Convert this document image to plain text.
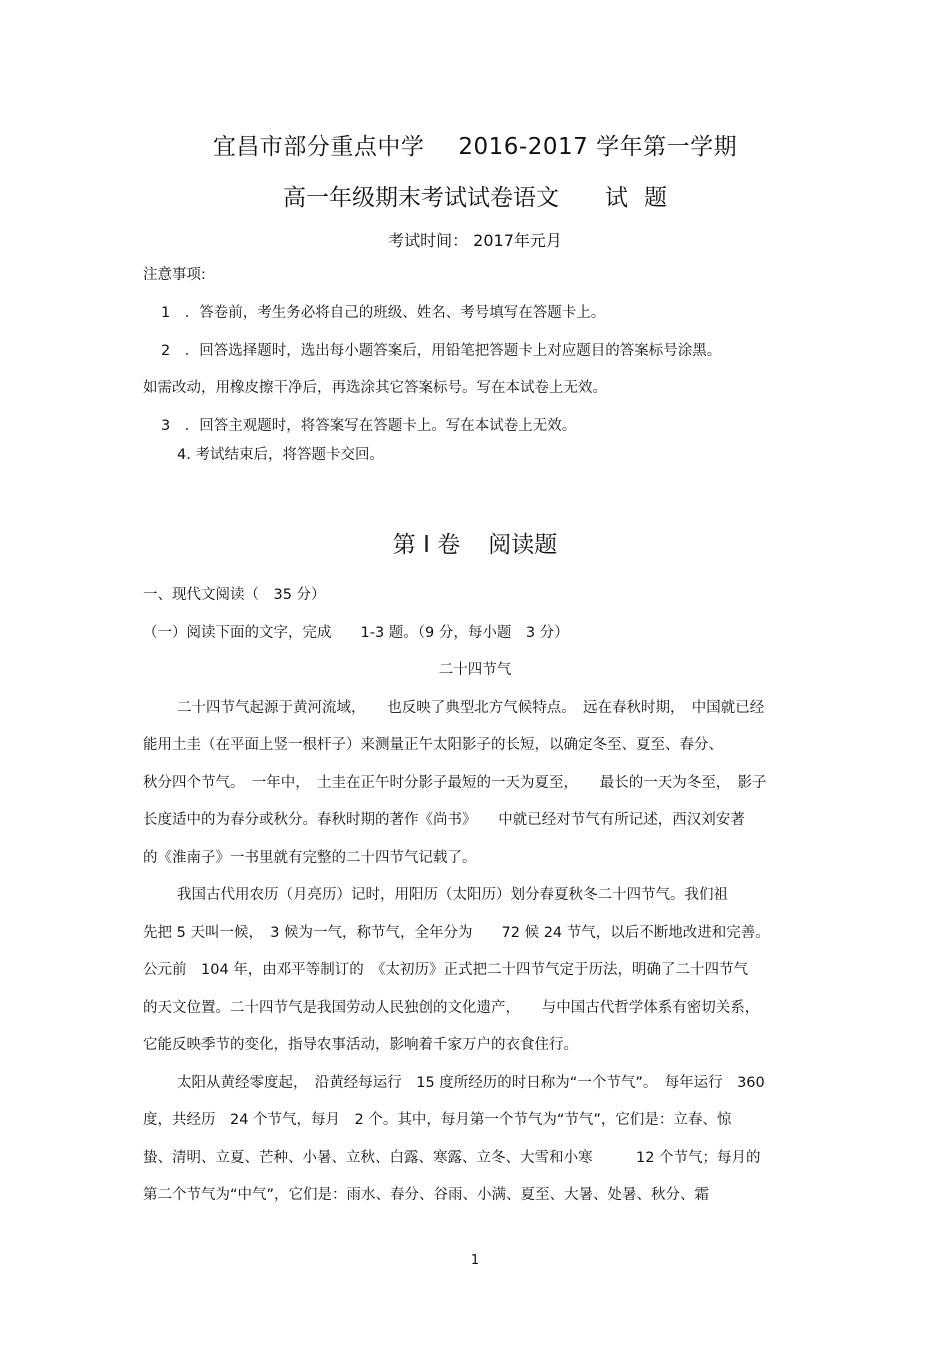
宜昌市部分重点中学 2016-2017 学年第一学期
高一年级期末考试试卷语文 试 题
考试时间： 2017年元月
注意事项:
1　．答卷前，考生务必将自己的班级、姓名、考号填写在答题卡上。
2　．回答选择题时，选出每小题答案后，用铅笔把答题卡上对应题目的答案标号涂黑。
如需改动，用橡皮擦干净后，再选涂其它答案标号。写在本试卷上无效。
3　．回答主观题时，将答案写在答题卡上。写在本试卷上无效。
4. 考试结束后，将答题卡交回。
第 I 卷 阅读题
一、现代文阅读（　35 分）
（一）阅读下面的文字，完成　　1-3 题。（9 分，每小题　3 分）
二十四节气
二十四节气起源于黄河流域，　　也反映了典型北方气候特点。　远在春秋时期，　中国就已经
能用土圭（在平面上竖一根杆子）来测量正午太阳影子的长短，以确定冬至、夏至、春分、
秋分四个节气。　一年中，　土圭在正午时分影子最短的一天为夏至，　　最长的一天为冬至，　影子
长度适中的为春分或秋分。春秋时期的著作《尚书》　　中就已经对节气有所记述，西汉刘安著
的《淮南子》一书里就有完整的二十四节气记载了。
我国古代用农历（月亮历）记时，用阳历（太阳历）划分春夏秋冬二十四节气。我们祖
先把 5 天叫一候，　3 候为一气，称节气，全年分为　　72 候 24 节气，以后不断地改进和完善。
公元前　104 年，由邓平等制订的　《太初历》正式把二十四节气定于历法，明确了二十四节气
的天文位置。二十四节气是我国劳动人民独创的文化遗产，　　与中国古代哲学体系有密切关系，
它能反映季节的变化，指导农事活动，影响着千家万户的衣食住行。
太阳从黄经零度起，　沿黄经每运行　15 度所经历的时日称为“一个节气”。　每年运行　360
度，共经历　24 个节气，每月　2 个。其中，每月第一个节气为“节气”，它们是：立春、惊
蛰、清明、立夏、芒种、小暑、立秋、白露、寒露、立冬、大雪和小寒　　　12 个节气；每月的
第二个节气为“中气”，它们是：雨水、春分、谷雨、小满、夏至、大暑、处暑、秋分、霜
1
